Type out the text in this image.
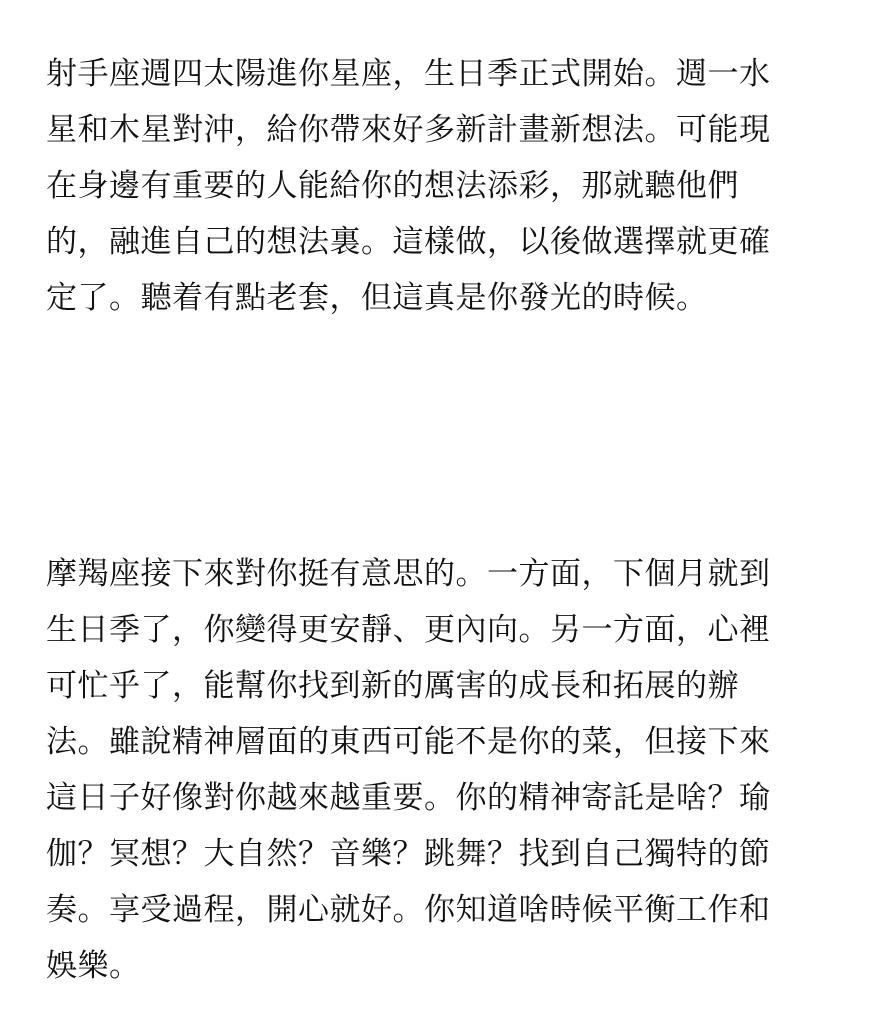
射手座週四太陽進你星座，生日季正式開始。週一水
星和木星對沖，給你帶來好多新計畫新想法。可能現
在身邊有重要的人能給你的想法添彩，那就聽他們
的，融進自己的想法裏。這樣做，以後做選擇就更確
定了。聽着有點老套，但這真是你發光的時候。

摩羯座接下來對你挺有意思的。一方面，下個月就到
生日季了，你變得更安靜、更內向。另一方面，心裡
可忙乎了，能幫你找到新的厲害的成長和拓展的辦
法。雖說精神層面的東西可能不是你的菜，但接下來
這日子好像對你越來越重要。你的精神寄託是啥？瑜
伽？冥想？大自然？音樂？跳舞？找到自己獨特的節
奏。享受過程，開心就好。你知道啥時候平衡工作和
娛樂。
